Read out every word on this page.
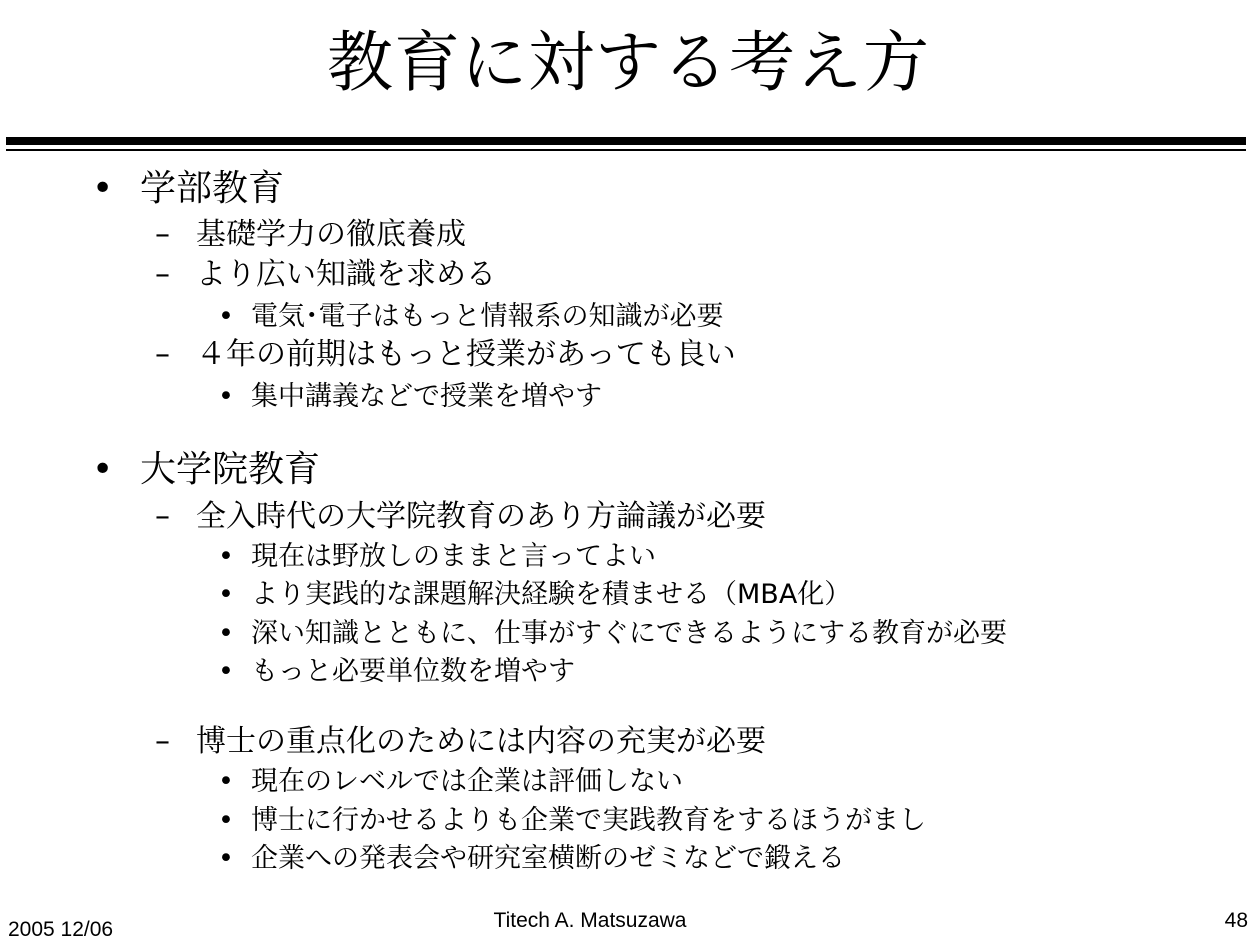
教育に対する考え方
• 学部教育
– 基礎学力の徹底養成
– より広い知識を求める
• 電気･電子はもっと情報系の知識が必要
– ４年の前期はもっと授業があっても良い
• 集中講義などで授業を増やす
• 大学院教育
– 全入時代の大学院教育のあり方論議が必要
• 現在は野放しのままと言ってよい
• より実践的な課題解決経験を積ませる（MBA化）
• 深い知識とともに、仕事がすぐにできるようにする教育が必要
• もっと必要単位数を増やす
– 博士の重点化のためには内容の充実が必要
• 現在のレベルでは企業は評価しない
• 博士に行かせるよりも企業で実践教育をするほうがまし
• 企業への発表会や研究室横断のゼミなどで鍛える
2005 12/06	Titech A. Matsuzawa	48
